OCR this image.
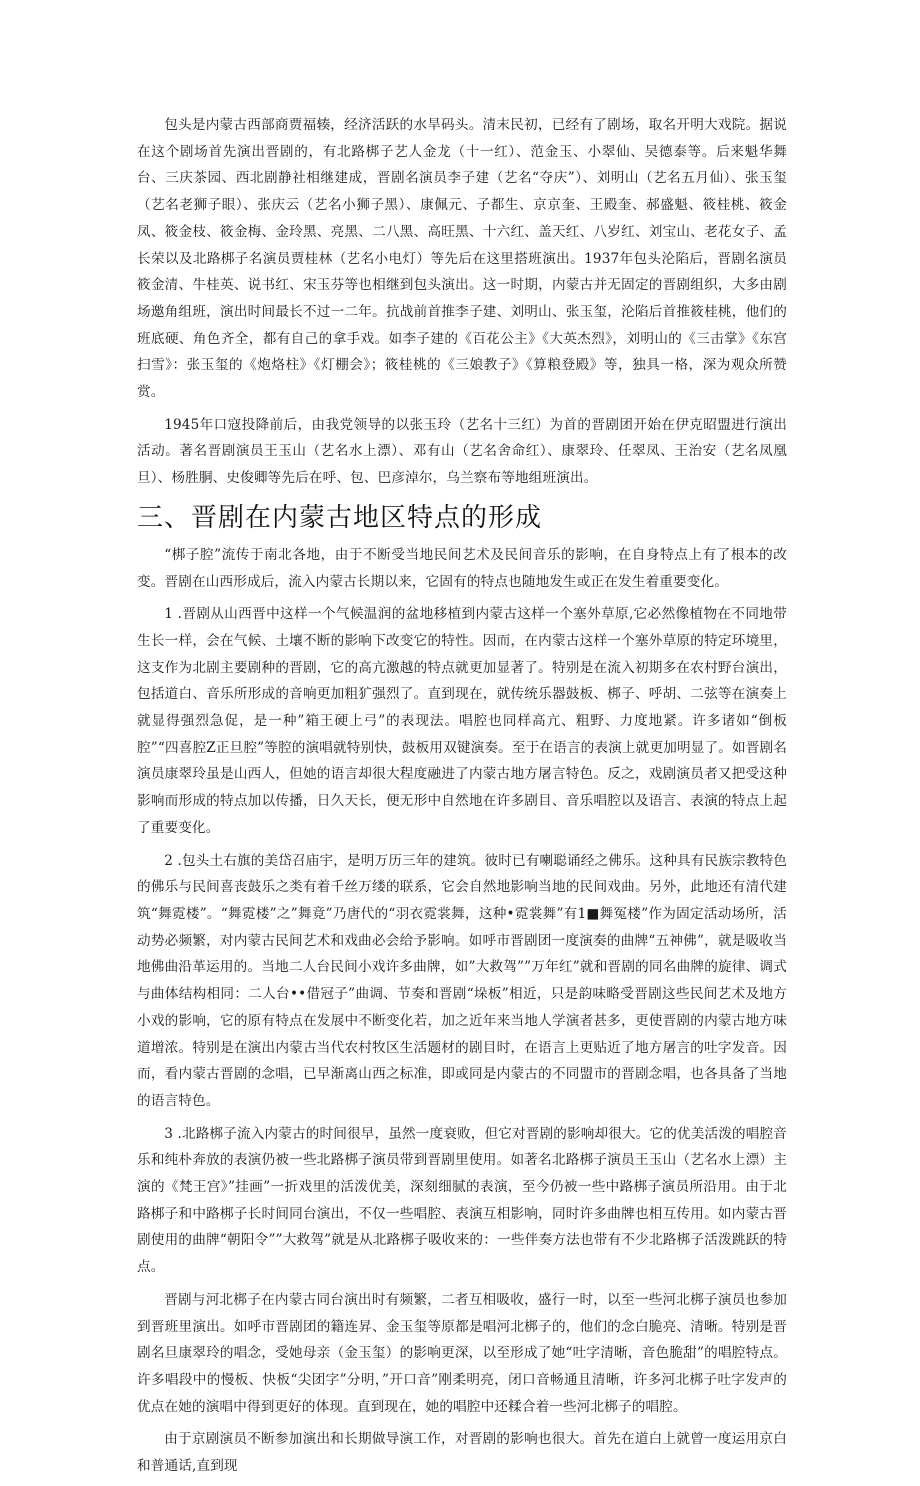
包头是内蒙古西部商贾福辏，经济活跃的水旱码头。清末民初，已经有了剧场，取名开明大戏院。据说在这个剧场首先演出晋剧的，有北路梆子艺人金龙（十一红）、范金玉、小翠仙、吴德泰等。后来魁华舞台、三庆茶园、西北剧静社相继建成，晋剧名演员李子建（艺名“夺庆”）、刘明山（艺名五月仙）、张玉玺（艺名老狮子眼）、张庆云（艺名小狮子黑）、康佩元、子都生、京京奎、王殿奎、郝盛魁、筱桂桃、筱金凤、筱金枝、筱金梅、金玲黑、亮黑、二八黑、高旺黑、十六红、盖天红、八岁红、刘宝山、老花女子、孟长荣以及北路梆子名演员贾桂林（艺名小电灯）等先后在这里搭班演出。1937年包头沦陷后，晋剧名演员筱金清、牛桂英、说书红、宋玉芬等也相继到包头演出。这一时期，内蒙古并无固定的晋剧组织，大多由剧场邀角组班，演出时间最长不过一二年。抗战前首推李子建、刘明山、张玉玺，沦陷后首推筱桂桃，他们的班底硬、角色齐全，都有自己的拿手戏。如李子建的《百花公主》《大英杰烈》，刘明山的《三击掌》《东宫扫雪》：张玉玺的《炮烙柱》《灯棚会》；筱桂桃的《三娘教子》《算粮登殿》等，独具一格，深为观众所赞赏。

1945年口寇投降前后，由我党领导的以张玉玲（艺名十三红）为首的晋剧团开始在伊克昭盟进行演出活动。著名晋剧演员王玉山（艺名水上漂）、邓有山（艺名舍命红）、康翠玲、任翠凤、王治安（艺名凤凰旦）、杨胜胴、史俊卿等先后在呼、包、巴彦淖尔，乌兰察布等地组班演出。

三、晋剧在内蒙古地区特点的形成

“梆子腔”流传于南北各地，由于不断受当地民间艺术及民间音乐的影响，在自身特点上有了根本的改变。晋剧在山西形成后，流入内蒙古长期以来，它固有的特点也随地发生或正在发生着重要变化。

1 .晋剧从山西晋中这样一个气候温润的盆地移植到内蒙古这样一个塞外草原,它必然像植物在不同地带生长一样，会在气候、土壤不断的影响下改变它的特性。因而，在内蒙古这样一个塞外草原的特定环境里，这支作为北剧主要剧种的晋剧，它的高亢激越的特点就更加显著了。特别是在流入初期多在农村野台演出，包括道白、音乐所形成的音响更加粗犷强烈了。直到现在，就传统乐器鼓板、梆子、呼胡、二弦等在演奏上就显得强烈急促，是一种”箱王硬上弓”的表现法。唱腔也同样高亢、粗野、力度地紧。许多诸如“倒板腔”“四喜腔Z正旦腔”等腔的演唱就特别快，鼓板用双键演奏。至于在语言的表演上就更加明显了。如晋剧名演员康翠玲虽是山西人，但她的语言却很大程度融进了内蒙古地方屠言特色。反之，戏剧演员者又把受这种影响而形成的特点加以传播，日久天长，便无形中自然地在许多剧目、音乐唱腔以及语言、表演的特点上起了重要变化。

2 .包头土右旗的美岱召庙宇，是明万历三年的建筑。彼时已有喇聪诵经之佛乐。这种具有民族宗教特色的佛乐与民间喜丧鼓乐之类有着千丝万缕的联系，它会自然地影响当地的民间戏曲。另外，此地还有清代建筑“舞霓楼”。“舞霓楼”之”舞竟”乃唐代的“羽衣霓裳舞，这种•霓裳舞”有1■舞冤楼”作为固定活动场所，活动势必频繁，对内蒙古民间艺术和戏曲必会给予影响。如呼市晋剧团一度演奏的曲牌“五神佛”，就是吸收当地佛曲沿革运用的。当地二人台民间小戏许多曲牌，如”大救驾””万年红”就和晋剧的同名曲牌的旋律、调式与曲体结构相同：二人台••借冠子”曲调、节奏和晋剧“垛板”相近，只是韵味略受晋剧这些民间艺术及地方小戏的影响，它的原有特点在发展中不断变化若，加之近年来当地人学演者甚多，更使晋剧的内蒙古地方味道增浓。特别是在演出内蒙古当代农村牧区生活题材的剧目时，在语言上更贴近了地方屠言的吐字发音。因而，看内蒙古晋剧的念唱，已早渐离山西之标准，即或同是内蒙古的不同盟市的晋剧念唱，也各具备了当地的语言特色。

3 .北路梆子流入内蒙古的时间很早，虽然一度衰败，但它对晋剧的影响却很大。它的优美活泼的唱腔音乐和纯朴奔放的表演仍被一些北路梆子演员带到晋剧里使用。如著名北路梆子演员王玉山（艺名水上漂）主演的《梵王宫》”挂画”一折戏里的活泼优美，深刻细腻的表演，至今仍被一些中路梆子演员所沿用。由于北路梆子和中路梆子长时间同台演出，不仅一些唱腔、表演互相影响，同时许多曲牌也相互传用。如内蒙古晋剧使用的曲牌“朝阳令””大救驾”就是从北路梆子吸收来的：一些伴奏方法也带有不少北路梆子活泼跳跃的特点。

晋剧与河北梆子在内蒙古同台演出时有频繁，二者互相吸收，盛行一时，以至一些河北梆子演员也参加到晋班里演出。如呼市晋剧团的籍连昇、金玉玺等原都是唱河北梆子的，他们的念白脆亮、清晰。特别是晋剧名旦康翠玲的唱念，受她母亲（金玉玺）的影响更深，以至形成了她“吐字清晰，音色脆甜”的唱腔特点。许多唱段中的慢板、快板“尖团字”分明，”开口音”刚柔明亮，闭口音畅通且清晰，许多河北梆子吐字发声的优点在她的演唱中得到更好的体现。直到现在，她的唱腔中还糅合着一些河北梆子的唱腔。

由于京剧演员不断参加演出和长期做导演工作，对晋剧的影响也很大。首先在道白上就曾一度运用京白和普通话,直到现
